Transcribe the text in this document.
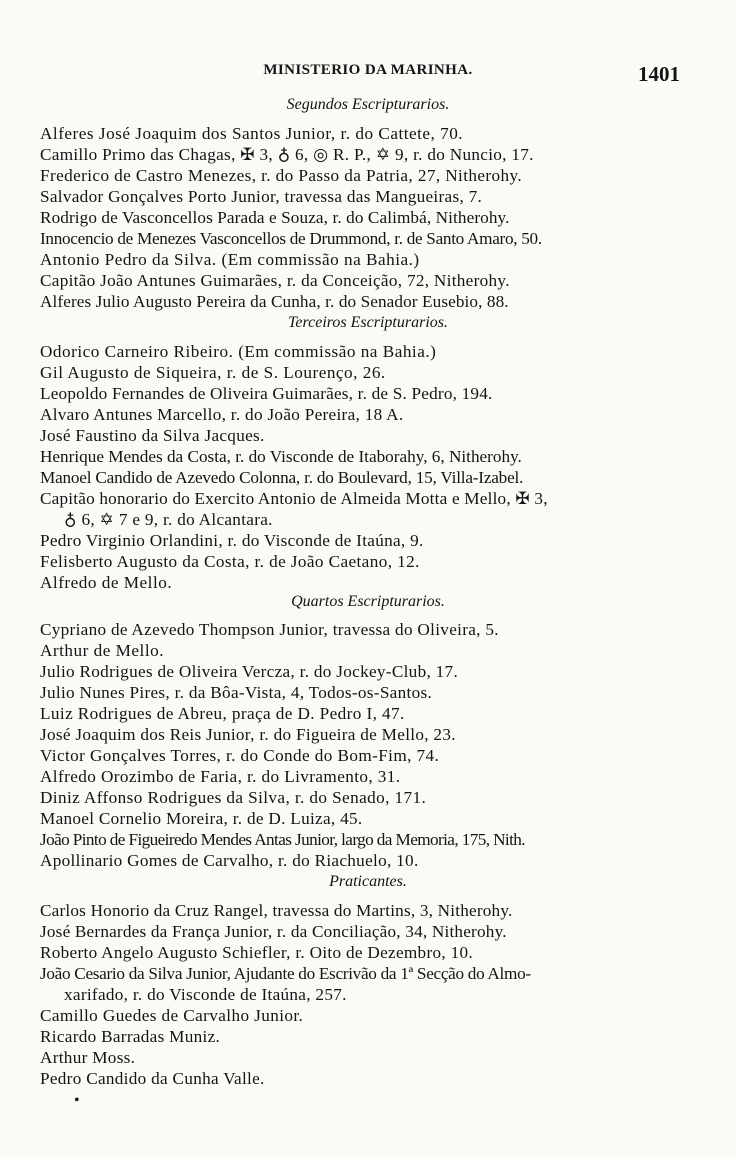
MINISTERIO DA MARINHA.	1401
Segundos Escripturarios.
Alferes José Joaquim dos Santos Junior, r. do Cattete, 70.
Camillo Primo das Chagas, ✠ 3, ♁ 6, ◎ R. P., ✡ 9, r. do Nuncio, 17.
Frederico de Castro Menezes, r. do Passo da Patria, 27, Nitherohy.
Salvador Gonçalves Porto Junior, travessa das Mangueiras, 7.
Rodrigo de Vasconcellos Parada e Souza, r. do Calimbá, Nitherohy.
Innocencio de Menezes Vasconcellos de Drummond, r. de Santo Amaro, 50.
Antonio Pedro da Silva. (Em commissão na Bahia.)
Capitão João Antunes Guimarães, r. da Conceição, 72, Nitherohy.
Alferes Julio Augusto Pereira da Cunha, r. do Senador Eusebio, 88.
Terceiros Escripturarios.
Odorico Carneiro Ribeiro. (Em commissão na Bahia.)
Gil Augusto de Siqueira, r. de S. Lourenço, 26.
Leopoldo Fernandes de Oliveira Guimarães, r. de S. Pedro, 194.
Alvaro Antunes Marcello, r. do João Pereira, 18 A.
José Faustino da Silva Jacques.
Henrique Mendes da Costa, r. do Visconde de Itaborahy, 6, Nitherohy.
Manoel Candido de Azevedo Colonna, r. do Boulevard, 15, Villa-Izabel.
Capitão honorario do Exercito Antonio de Almeida Motta e Mello, ✠ 3,
♁ 6, ✡ 7 e 9, r. do Alcantara.
Pedro Virginio Orlandini, r. do Visconde de Itaúna, 9.
Felisberto Augusto da Costa, r. de João Caetano, 12.
Alfredo de Mello.
Quartos Escripturarios.
Cypriano de Azevedo Thompson Junior, travessa do Oliveira, 5.
Arthur de Mello.
Julio Rodrigues de Oliveira Vercza, r. do Jockey-Club, 17.
Julio Nunes Pires, r. da Bôa-Vista, 4, Todos-os-Santos.
Luiz Rodrigues de Abreu, praça de D. Pedro I, 47.
José Joaquim dos Reis Junior, r. do Figueira de Mello, 23.
Victor Gonçalves Torres, r. do Conde do Bom-Fim, 74.
Alfredo Orozimbo de Faria, r. do Livramento, 31.
Diniz Affonso Rodrigues da Silva, r. do Senado, 171.
Manoel Cornelio Moreira, r. de D. Luiza, 45.
João Pinto de Figueiredo Mendes Antas Junior, largo da Memoria, 175, Nith.
Apollinario Gomes de Carvalho, r. do Riachuelo, 10.
Praticantes.
Carlos Honorio da Cruz Rangel, travessa do Martins, 3, Nitherohy.
José Bernardes da França Junior, r. da Conciliação, 34, Nitherohy.
Roberto Angelo Augusto Schiefler, r. Oito de Dezembro, 10.
João Cesario da Silva Junior, Ajudante do Escrivão da 1ª Secção do Almo-
xarifado, r. do Visconde de Itaúna, 257.
Camillo Guedes de Carvalho Junior.
Ricardo Barradas Muniz.
Arthur Moss.
Pedro Candido da Cunha Valle.
•
